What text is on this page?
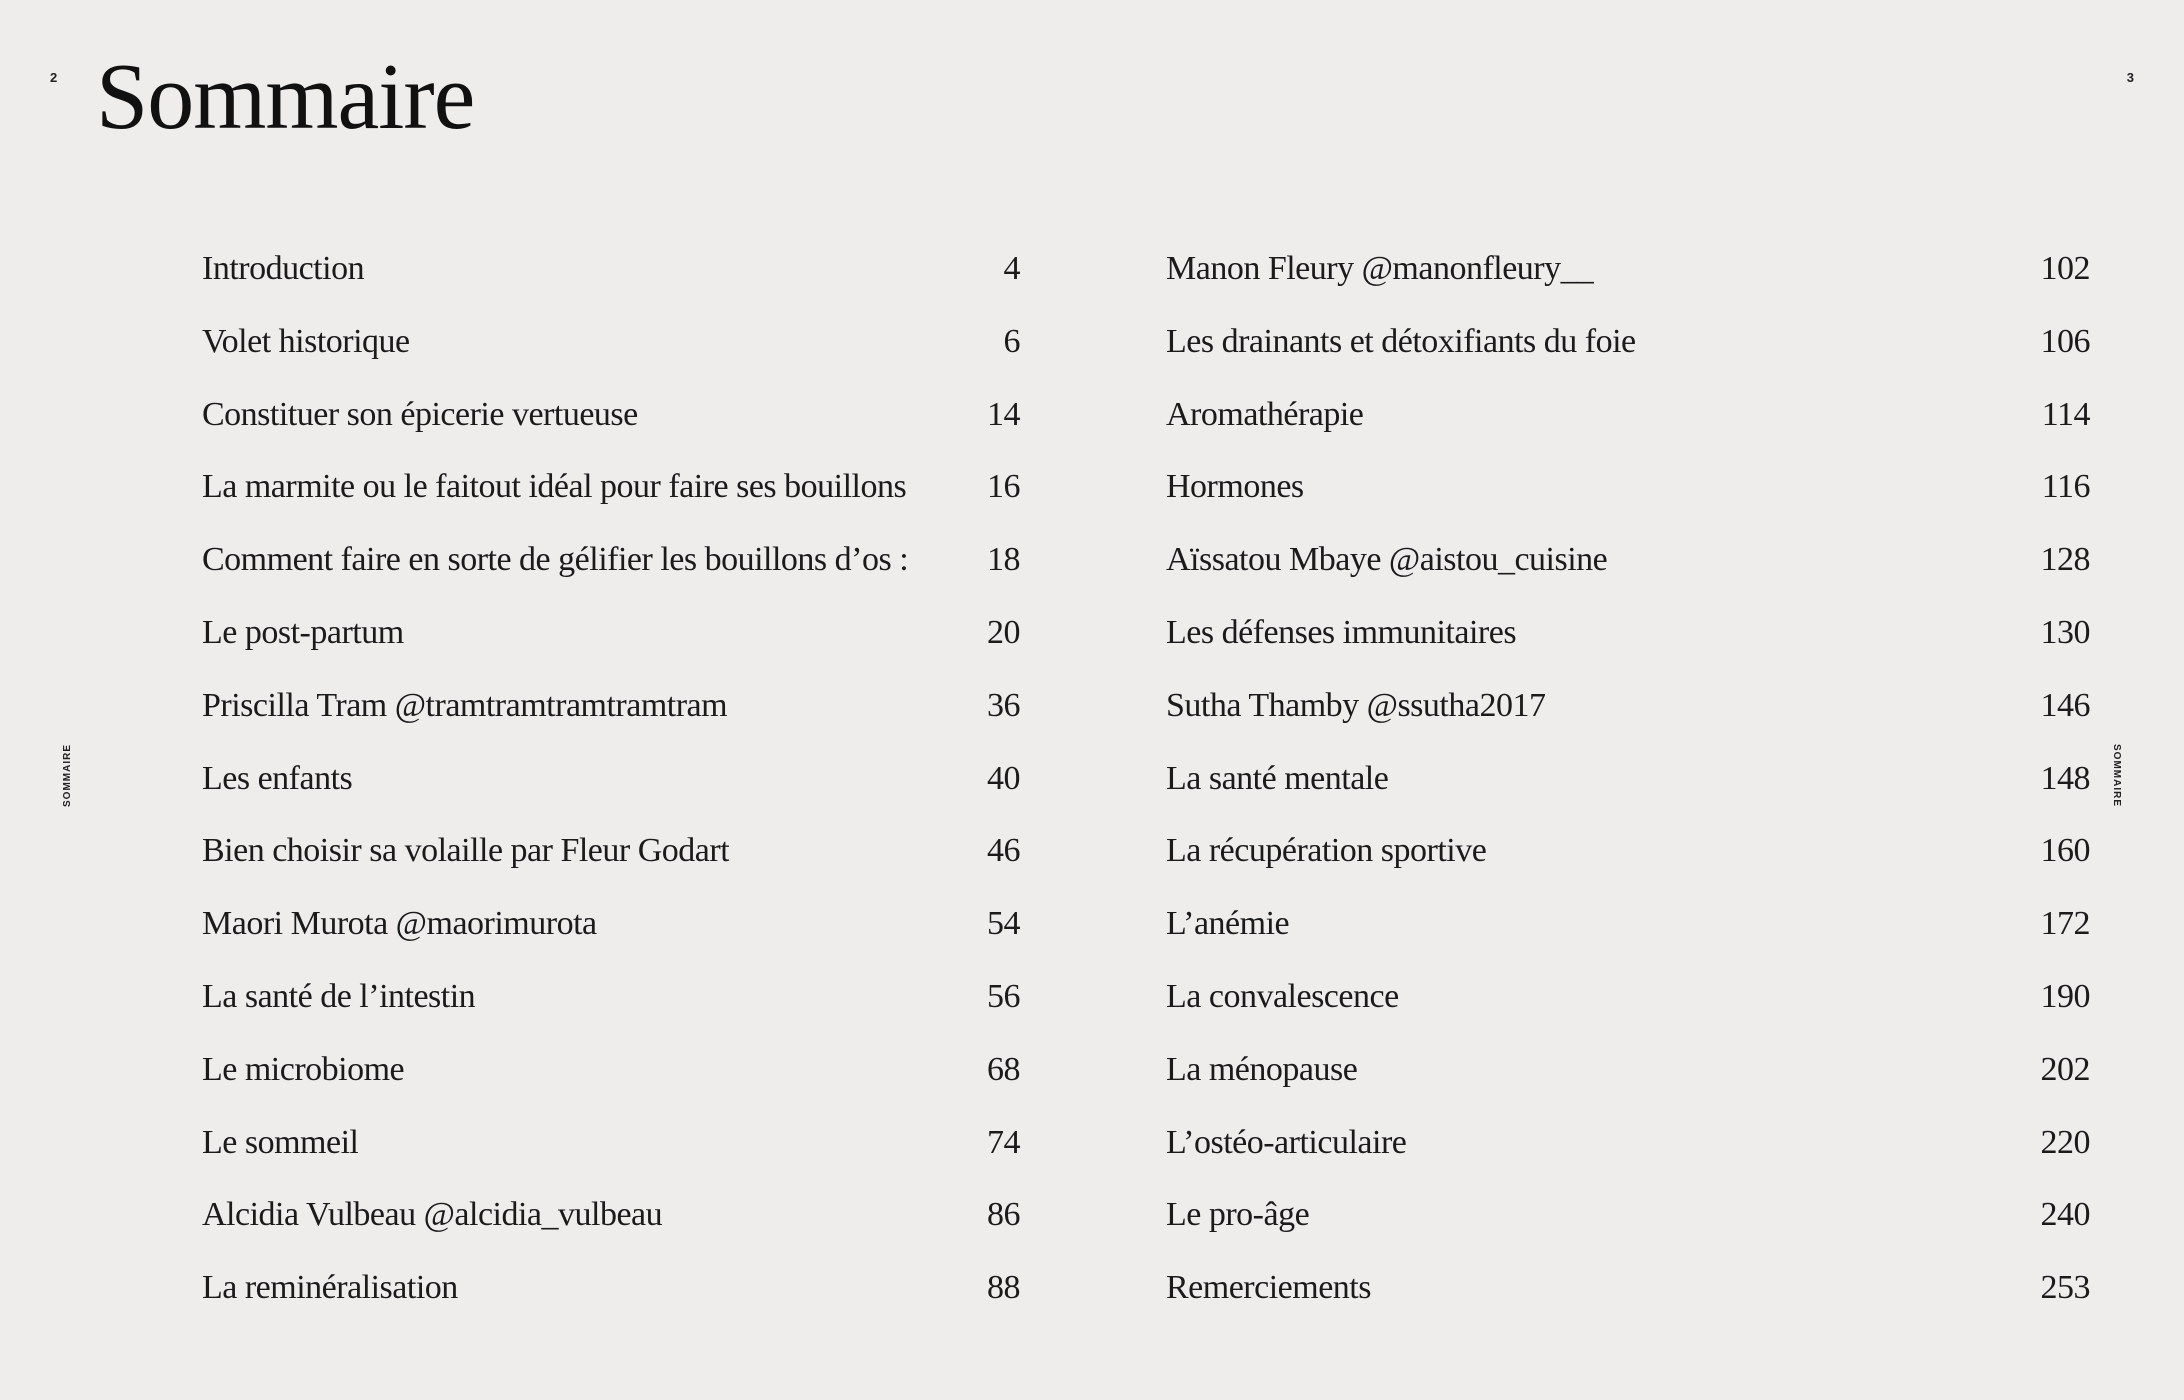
2	3
Sommaire
SOMMAIRE	SOMMAIRE
Introduction	4
Volet historique	6
Constituer son épicerie vertueuse	14
La marmite ou le faitout idéal pour faire ses bouillons	16
Comment faire en sorte de gélifier les bouillons d’os :	18
Le post-partum	20
Priscilla Tram @tramtramtramtramtram	36
Les enfants	40
Bien choisir sa volaille par Fleur Godart	46
Maori Murota @maorimurota	54
La santé de l’intestin	56
Le microbiome	68
Le sommeil	74
Alcidia Vulbeau @alcidia_vulbeau	86
La reminéralisation	88
Manon Fleury @manonfleury__	102
Les drainants et détoxifiants du foie	106
Aromathérapie	114
Hormones	116
Aïssatou Mbaye @aistou_cuisine	128
Les défenses immunitaires	130
Sutha Thamby @ssutha2017	146
La santé mentale	148
La récupération sportive	160
L’anémie	172
La convalescence	190
La ménopause	202
L’ostéo-articulaire	220
Le pro-âge	240
Remerciements	253
